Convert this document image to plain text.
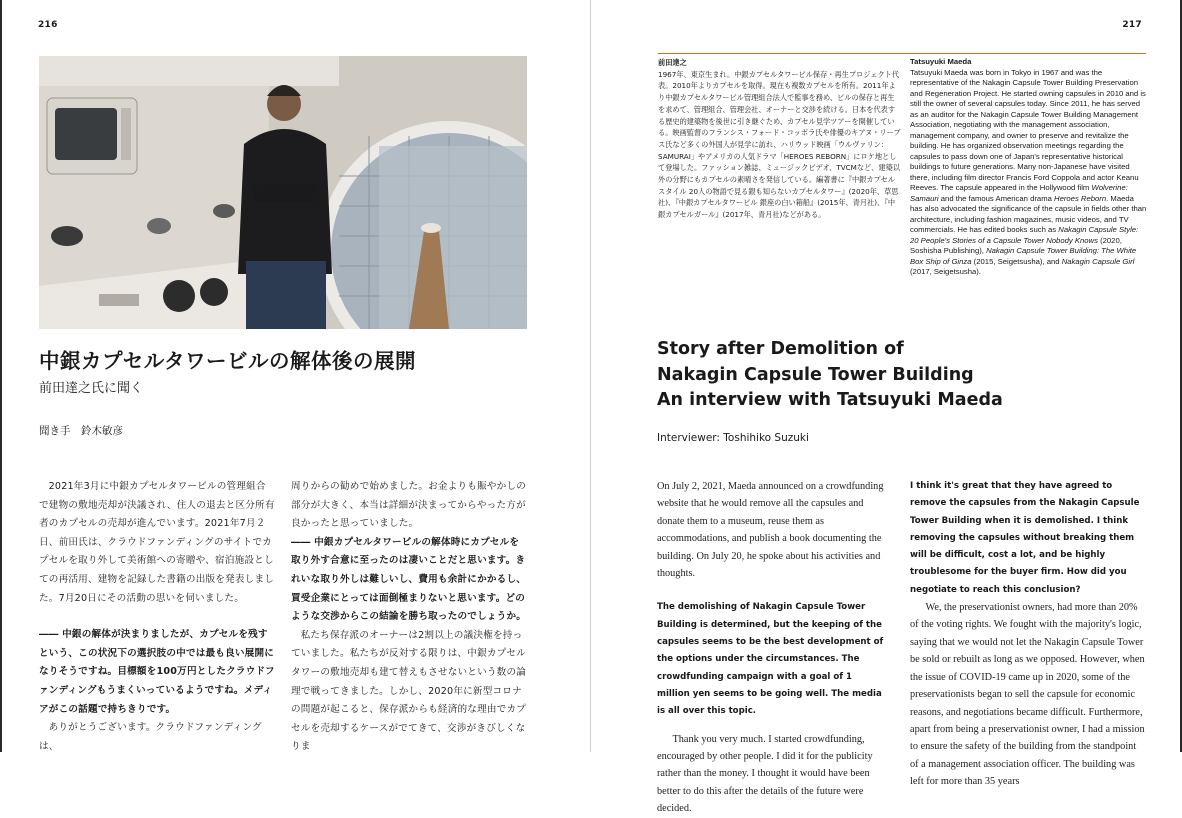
216
中銀カプセルタワービルの解体後の展開
前田達之氏に聞く
聞き手　鈴木敏彦

2021年3月に中銀カプセルタワービルの管理組合で建物の敷地売却が決議され、住人の退去と区分所有者のカプセルの売却が進んでいます。2021年7月２日、前田氏は、クラウドファンディングのサイトでカプセルを取り外して美術館への寄贈や、宿泊施設としての再活用、建物を記録した書籍の出版を発表しました。7月20日にその活動の思いを伺いました。

―― 中銀の解体が決まりましたが、カプセルを残すという、この状況下の選択肢の中では最も良い展開になりそうですね。目標額を100万円としたクラウドファンディングもうまくいっているようですね。メディアがこの話題で持ちきりです。

ありがとうございます。クラウドファンディングは、

周りからの勧めで始めました。お金よりも賑やかしの部分が大きく、本当は詳細が決まってからやった方が良かったと思っていました。

―― 中銀カプセルタワービルの解体時にカプセルを取り外す合意に至ったのは凄いことだと思います。きれいな取り外しは難しいし、費用も余計にかかるし、買受企業にとっては面倒極まりないと思います。どのような交渉からこの結論を勝ち取ったのでしょうか。

私たち保存派のオーナーは2割以上の議決権を持っていました。私たちが反対する限りは、中銀カプセルタワーの敷地売却も建て替えもさせないという数の論理で戦ってきました。しかし、2020年に新型コロナの問題が起こると、保存派からも経済的な理由でカプセルを売却するケースがでてきて、交渉がきびしくなりま

217
前田達之
1967年、東京生まれ。中銀カプセルタワービル保存・再生プロジェクト代表。2010年よりカプセルを取得。現在も複数カプセルを所有。2011年より中銀カプセルタワービル管理組合法人で監事を務め、ビルの保存と再生を求めて、管理組合、管理会社、オーナーと交渉を続ける。日本を代表する歴史的建築物を後世に引き継ぐため、カプセル見学ツアーを開催している。映画監督のフランシス・フォード・コッポラ氏や俳優のキアヌ・リーブス氏など多くの外国人が見学に訪れ、ハリウッド映画「ウルヴァリン：SAMURAI」やアメリカの人気ドラマ「HEROES REBORN」にロケ地として登場した。ファッション雑誌、ミュージックビデオ、TVCMなど、建築以外の分野にもカプセルの素晴さを発信している。編著書に『中銀カプセルスタイル 20人の物語で見る銀も知らないカプセルタワー』(2020年、草思社)、『中銀カプセルタワービル 銀座の白い箱船』(2015年、青月社)、『中銀カプセルガール』(2017年、青月社)などがある。
Tatsuyuki Maeda
Tatsuyuki Maeda was born in Tokyo in 1967 and was the representative of the Nakagin Capsule Tower Building Preservation and Regeneration Project. He started owning capsules in 2010 and is still the owner of several capsules today. Since 2011, he has served as an auditor for the Nakagin Capsule Tower Building Management Association, negotiating with the management association, management company, and owner to preserve and revitalize the building. He has organized observation meetings regarding the capsules to pass down one of Japan's representative historical buildings to future generations. Many non-Japanese have visited there, including film director Francis Ford Coppola and actor Keanu Reeves. The capsule appeared in the Hollywood film Wolverine: Samauri and the famous American drama Heroes Reborn. Maeda has also advocated the significance of the capsule in fields other than architecture, including fashion magazines, music videos, and TV commercials. He has edited books such as Nakagin Capsule Style: 20 People's Stories of a Capsule Tower Nobody Knows (2020, Soshisha Publishing), Nakagin Capsule Tower Building: The White Box Ship of Ginza (2015, Seigetsusha), and Nakagin Capsule Girl (2017, Seigetsusha).
Story after Demolition of
Nakagin Capsule Tower Building
An interview with Tatsuyuki Maeda
Interviewer: Toshihiko Suzuki

On July 2, 2021, Maeda announced on a crowdfunding website that he would remove all the capsules and donate them to a museum, reuse them as accommodations, and publish a book documenting the building. On July 20, he spoke about his activities and thoughts.

The demolishing of Nakagin Capsule Tower Building is determined, but the keeping of the capsules seems to be the best development of the options under the circumstances. The crowdfunding campaign with a goal of 1 million yen seems to be going well. The media is all over this topic.

Thank you very much. I started crowdfunding, encouraged by other people. I did it for the publicity rather than the money. I thought it would have been better to do this after the details of the future were decided.

I think it's great that they have agreed to remove the capsules from the Nakagin Capsule Tower Building when it is demolished. I think removing the capsules without breaking them will be difficult, cost a lot, and be highly troublesome for the buyer firm. How did you negotiate to reach this conclusion?

We, the preservationist owners, had more than 20% of the voting rights. We fought with the majority's logic, saying that we would not let the Nakagin Capsule Tower be sold or rebuilt as long as we opposed. However, when the issue of COVID-19 came up in 2020, some of the preservationists began to sell the capsule for economic reasons, and negotiations became difficult. Furthermore, apart from being a preservationist owner, I had a mission to ensure the safety of the building from the standpoint of a management association officer. The building was left for more than 35 years
